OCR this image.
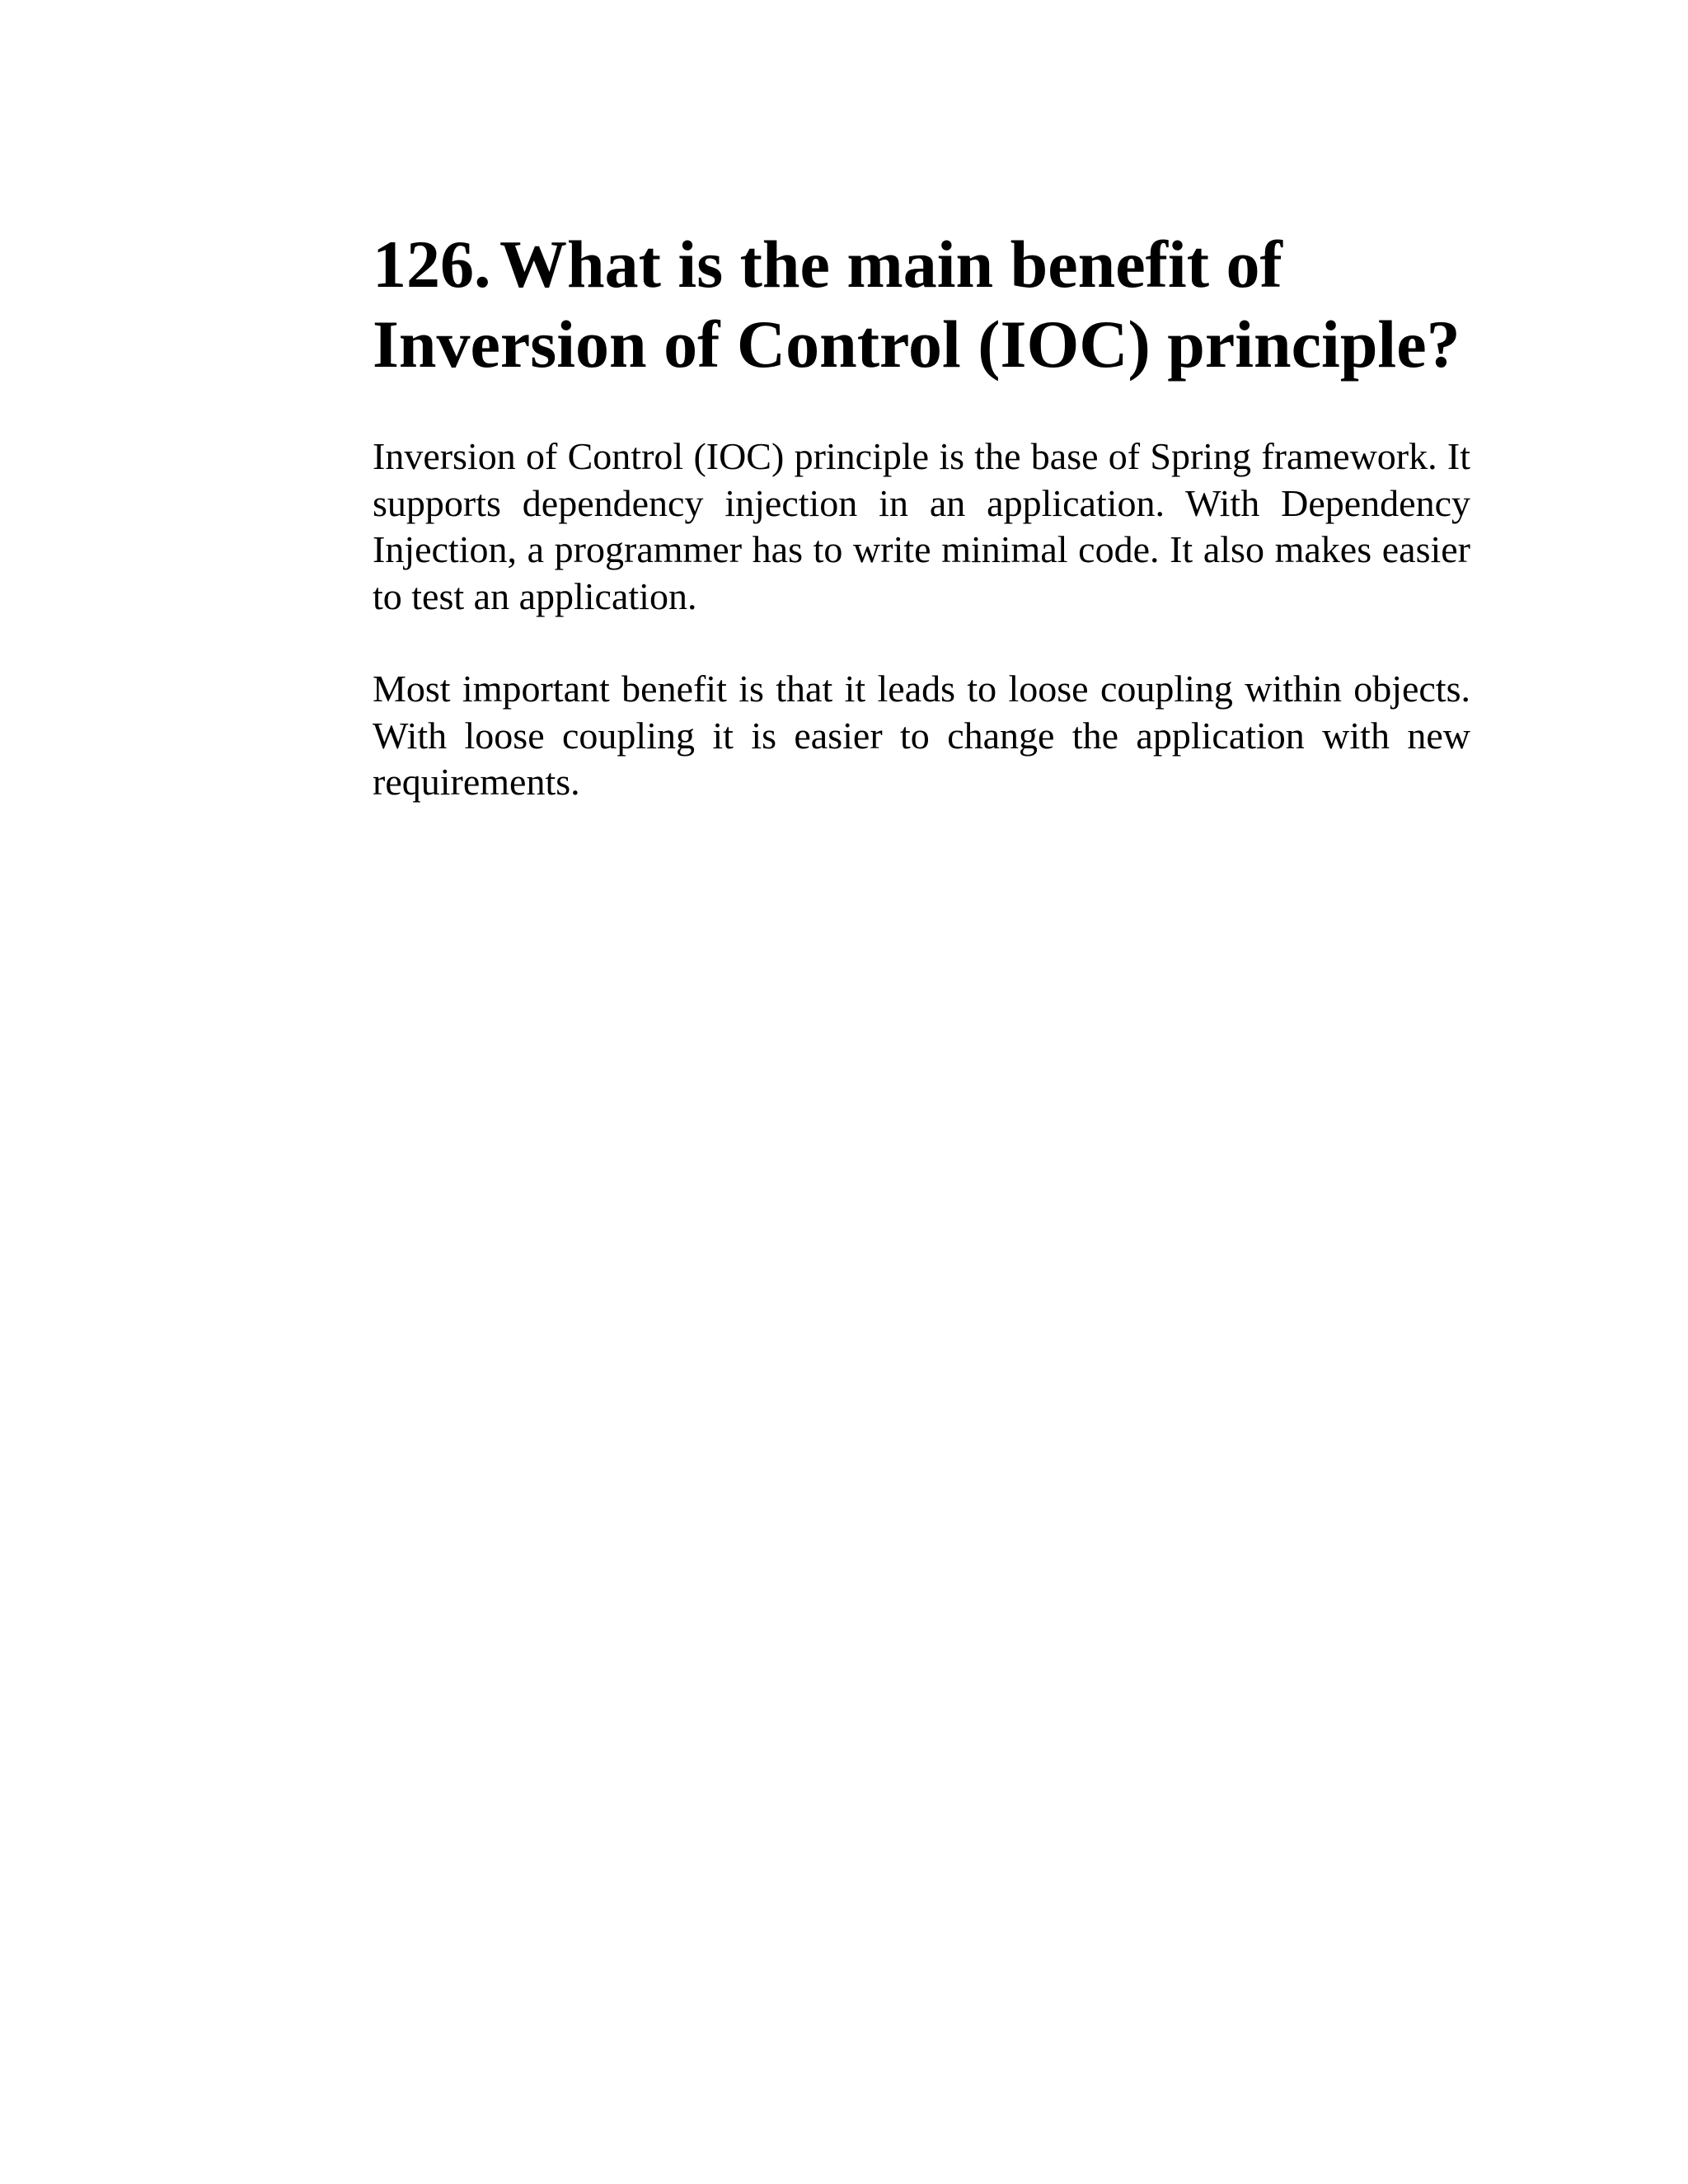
126. What is the main benefit of
Inversion of Control (IOC) principle?

Inversion of Control (IOC) principle is the base of Spring framework. It supports dependency injection in an application. With Dependency Injection, a programmer has to write minimal code. It also makes easier to test an application.

Most important benefit is that it leads to loose coupling within objects. With loose coupling it is easier to change the application with new requirements.
